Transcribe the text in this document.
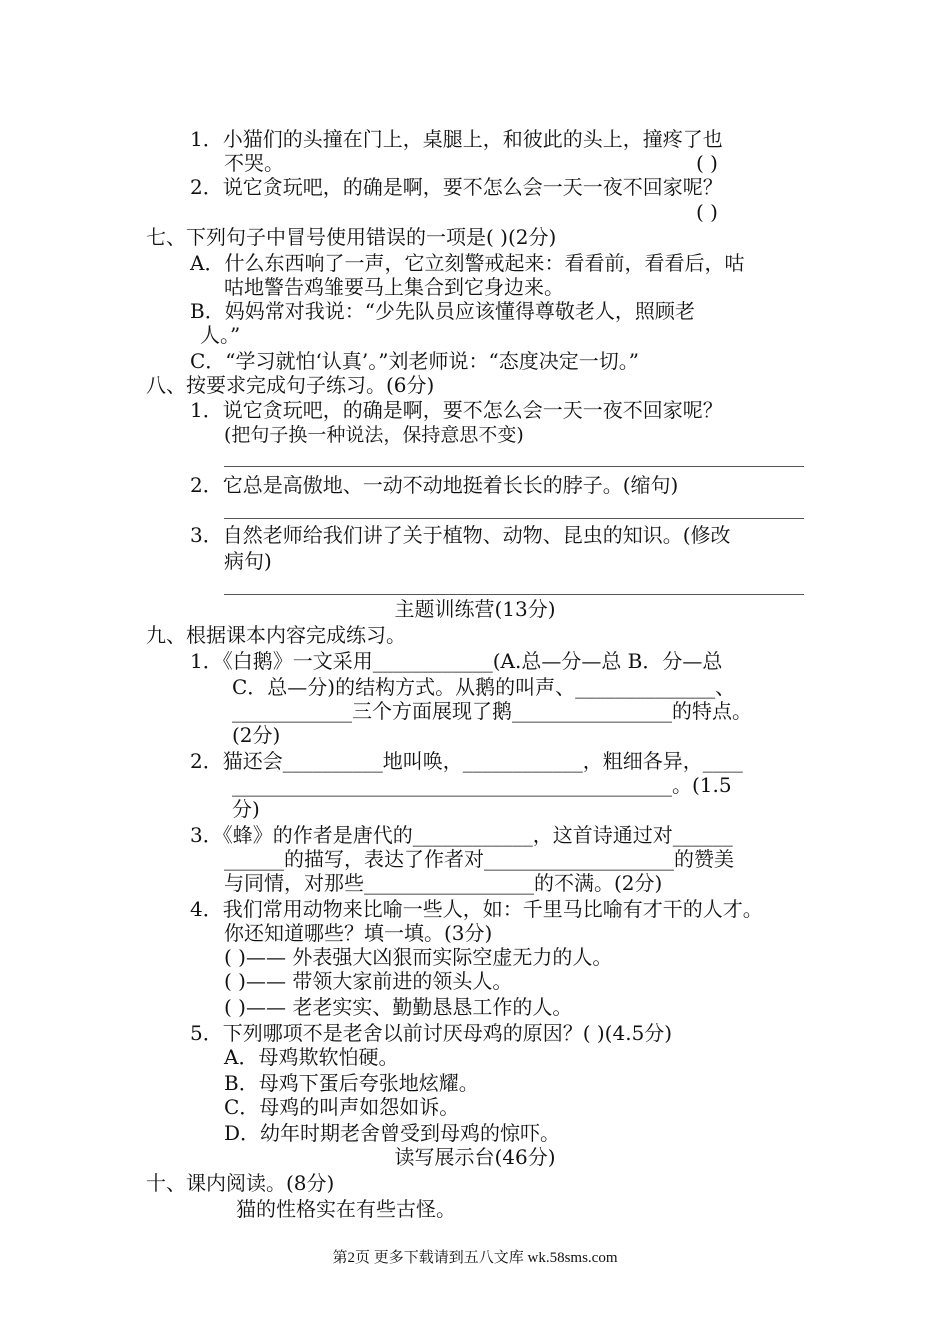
1．小猫们的头撞在门上，桌腿上，和彼此的头上，撞疼了也
不哭。	( )
2．说它贪玩吧，的确是啊，要不怎么会一天一夜不回家呢？
( )
七、下列句子中冒号使用错误的一项是( )(2分)
A．什么东西响了一声，它立刻警戒起来：看看前，看看后，咕
咕地警告鸡雏要马上集合到它身边来。
B．妈妈常对我说：“少先队员应该懂得尊敬老人，照顾老
人。”
C．“学习就怕‘认真’。”刘老师说：“态度决定一切。”
八、按要求完成句子练习。(6分)
1．说它贪玩吧，的确是啊，要不怎么会一天一夜不回家呢？
(把句子换一种说法，保持意思不变)
2．它总是高傲地、一动不动地挺着长长的脖子。(缩句)
3．自然老师给我们讲了关于植物、动物、昆虫的知识。(修改
病句)
主题训练营(13分)
九、根据课本内容完成练习。
1．《白鹅》一文采用____________(A.总—分—总 B．分—总
C．总—分)的结构方式。从鹅的叫声、______________、
____________三个方面展现了鹅________________的特点。
(2分)
2．猫还会__________地叫唤，____________，粗细各异，____
____________________________________________。(1.5
分)
3．《蜂》的作者是唐代的____________，这首诗通过对______
______的描写，表达了作者对___________________的赞美
与同情，对那些_________________的不满。(2分)
4．我们常用动物来比喻一些人，如：千里马比喻有才干的人才。
你还知道哪些？填一填。(3分)
( )—— 外表强大凶狠而实际空虚无力的人。
( )—— 带领大家前进的领头人。
( )—— 老老实实、勤勤恳恳工作的人。
5．下列哪项不是老舍以前讨厌母鸡的原因？( )(4.5分)
A．母鸡欺软怕硬。
B．母鸡下蛋后夸张地炫耀。
C．母鸡的叫声如怨如诉。
D．幼年时期老舍曾受到母鸡的惊吓。
读写展示台(46分)
十、课内阅读。(8分)
猫的性格实在有些古怪。
第2页 更多下载请到五八文库 wk.58sms.com
